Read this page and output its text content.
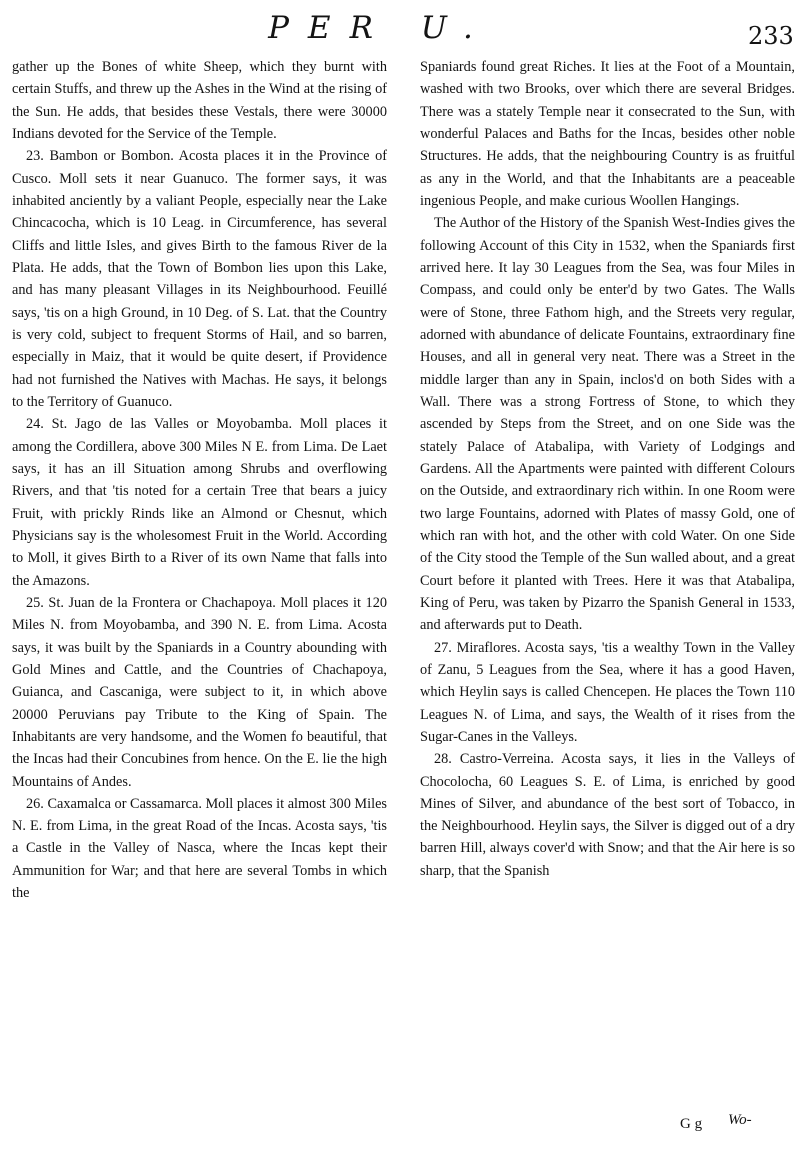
PER U.	233

gather up the Bones of white Sheep, which they burnt with certain Stuffs, and threw up the Ashes in the Wind at the rising of the Sun. He adds, that besides these Vestals, there were 30000 Indians devoted for the Service of the Temple.

23. Bambon or Bombon. Acosta places it in the Province of Cusco. Moll sets it near Guanuco. The former says, it was inhabited anciently by a valiant People, especially near the Lake Chincacocha, which is 10 Leag. in Circumference, has several Cliffs and little Isles, and gives Birth to the famous River de la Plata. He adds, that the Town of Bombon lies upon this Lake, and has many pleasant Villages in its Neighbourhood. Feuillé says, 'tis on a high Ground, in 10 Deg. of S. Lat. that the Country is very cold, subject to frequent Storms of Hail, and so barren, especially in Maiz, that it would be quite desert, if Providence had not furnished the Natives with Machas. He says, it belongs to the Territory of Guanuco.

24. St. Jago de las Valles or Moyobamba. Moll places it among the Cordillera, above 300 Miles N E. from Lima. De Laet says, it has an ill Situation among Shrubs and overflowing Rivers, and that 'tis noted for a certain Tree that bears a juicy Fruit, with prickly Rinds like an Almond or Chesnut, which Physicians say is the wholesomest Fruit in the World. According to Moll, it gives Birth to a River of its own Name that falls into the Amazons.

25. St. Juan de la Frontera or Chachapoya. Moll places it 120 Miles N. from Moyobamba, and 390 N. E. from Lima. Acosta says, it was built by the Spaniards in a Country abounding with Gold Mines and Cattle, and the Countries of Chachapoya, Guianca, and Cascaniga, were subject to it, in which above 20000 Peruvians pay Tribute to the King of Spain. The Inhabitants are very handsome, and the Women fo beautiful, that the Incas had their Concubines from hence. On the E. lie the high Mountains of Andes.

26. Caxamalca or Cassamarca. Moll places it almost 300 Miles N. E. from Lima, in the great Road of the Incas. Acosta says, 'tis a Castle in the Valley of Nasca, where the Incas kept their Ammunition for War; and that here are several Tombs in which the

Spaniards found great Riches. It lies at the Foot of a Mountain, washed with two Brooks, over which there are several Bridges. There was a stately Temple near it consecrated to the Sun, with wonderful Palaces and Baths for the Incas, besides other noble Structures. He adds, that the neighbouring Country is as fruitful as any in the World, and that the Inhabitants are a peaceable ingenious People, and make curious Woollen Hangings.

The Author of the History of the Spanish West-Indies gives the following Account of this City in 1532, when the Spaniards first arrived here. It lay 30 Leagues from the Sea, was four Miles in Compass, and could only be enter'd by two Gates. The Walls were of Stone, three Fathom high, and the Streets very regular, adorned with abundance of delicate Fountains, extraordinary fine Houses, and all in general very neat. There was a Street in the middle larger than any in Spain, inclos'd on both Sides with a Wall. There was a strong Fortress of Stone, to which they ascended by Steps from the Street, and on one Side was the stately Palace of Atabalipa, with Variety of Lodgings and Gardens. All the Apartments were painted with different Colours on the Outside, and extraordinary rich within. In one Room were two large Fountains, adorned with Plates of massy Gold, one of which ran with hot, and the other with cold Water. On one Side of the City stood the Temple of the Sun walled about, and a great Court before it planted with Trees. Here it was that Atabalipa, King of Peru, was taken by Pizarro the Spanish General in 1533, and afterwards put to Death.

27. Miraflores. Acosta says, 'tis a wealthy Town in the Valley of Zanu, 5 Leagues from the Sea, where it has a good Haven, which Heylin says is called Chencepen. He places the Town 110 Leagues N. of Lima, and says, the Wealth of it rises from the Sugar-Canes in the Valleys.

28. Castro-Verreina. Acosta says, it lies in the Valleys of Chocolocha, 60 Leagues S. E. of Lima, is enriched by good Mines of Silver, and abundance of the best sort of Tobacco, in the Neighbourhood. Heylin says, the Silver is digged out of a dry barren Hill, always cover'd with Snow; and that the Air here is so sharp, that the Spanish

G g Wo-
